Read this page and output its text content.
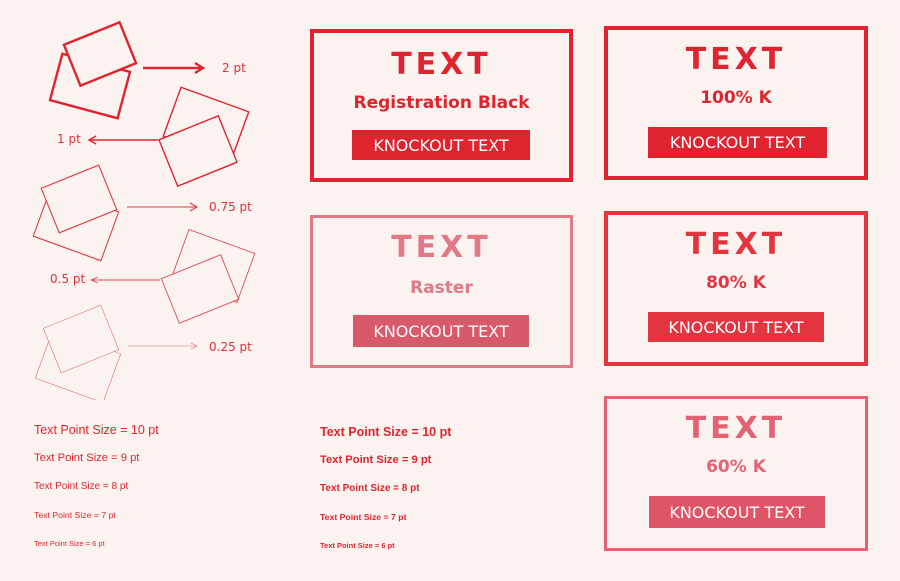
2 pt
1 pt
0.75 pt
0.5 pt
0.25 pt
TEXT
Registration Black
KNOCKOUT TEXT
TEXT
Raster
KNOCKOUT TEXT
TEXT
100% K
KNOCKOUT TEXT
TEXT
80% K
KNOCKOUT TEXT
TEXT
60% K
KNOCKOUT TEXT
Text Point Size = 10 pt
Text Point Size = 9 pt
Text Point Size = 8 pt
Text Point Size = 7 pt
Text Point Size = 6 pt
Text Point Size = 10 pt
Text Point Size = 9 pt
Text Point Size = 8 pt
Text Point Size = 7 pt
Text Point Size = 6 pt
